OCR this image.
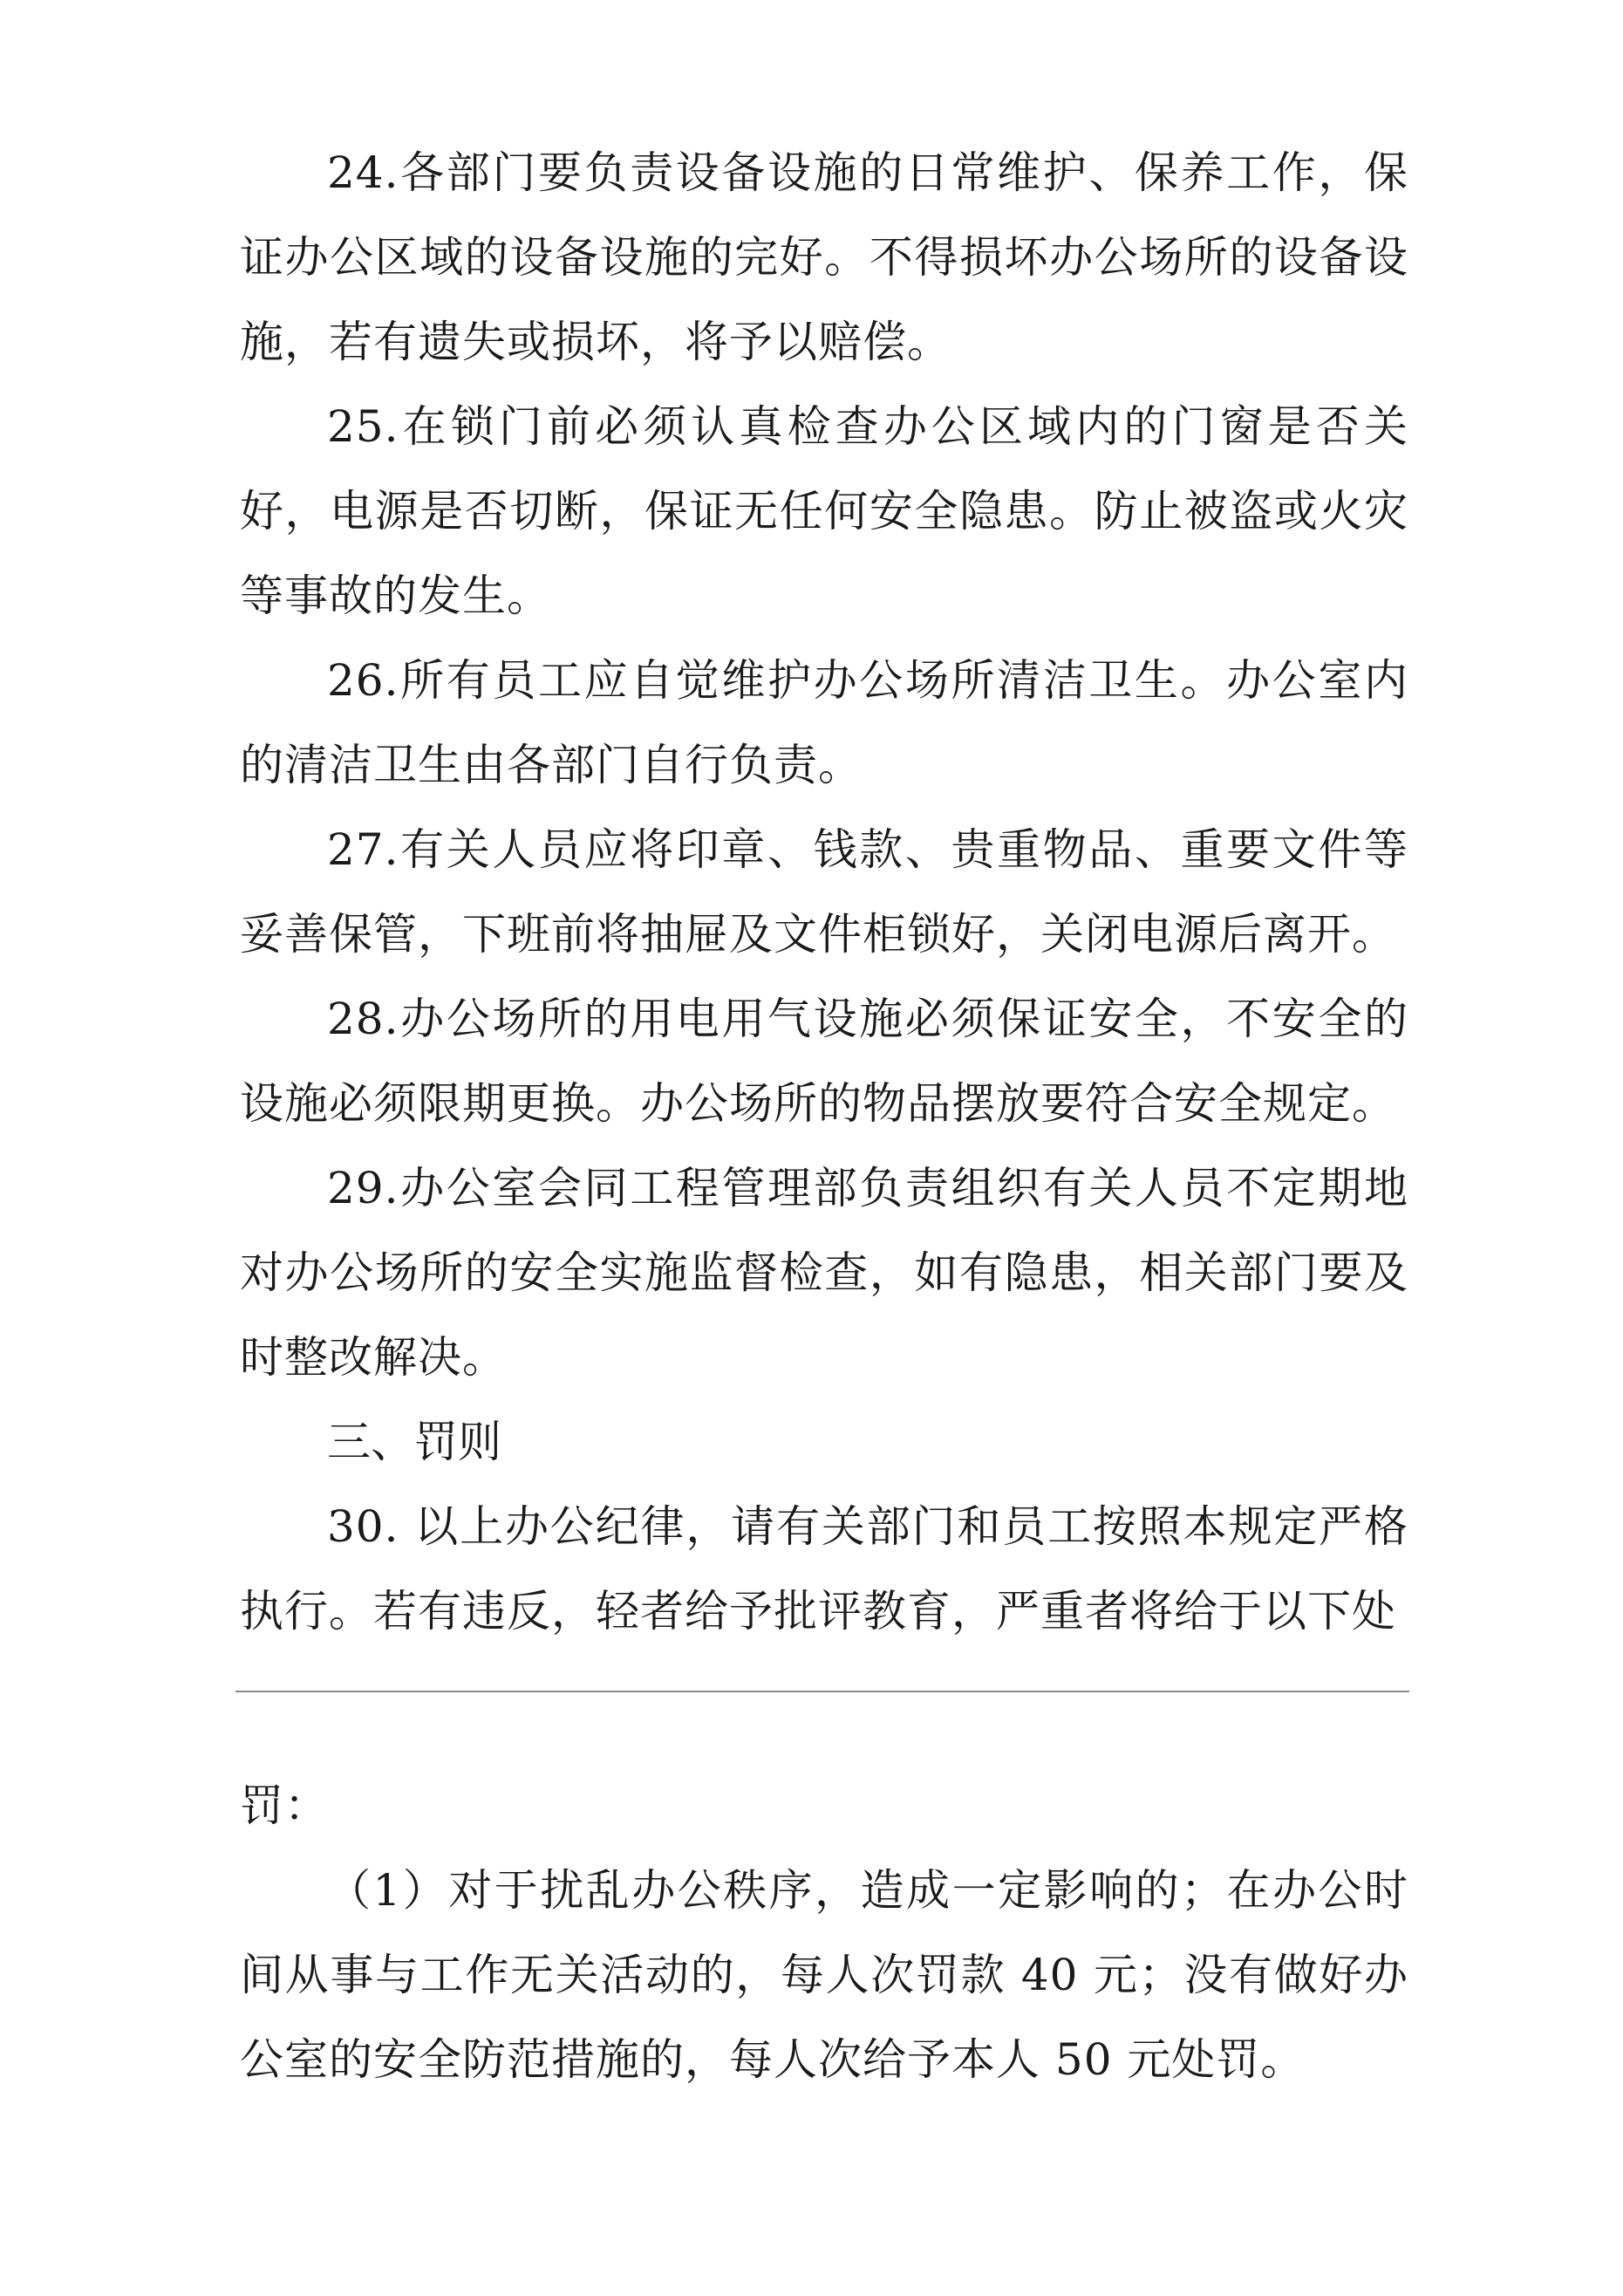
24.各部门要负责设备设施的日常维护、保养工作，保证办公区域的设备设施的完好。不得损坏办公场所的设备设施，若有遗失或损坏，将予以赔偿。

25.在锁门前必须认真检查办公区域内的门窗是否关好，电源是否切断，保证无任何安全隐患。防止被盗或火灾等事故的发生。

26.所有员工应自觉维护办公场所清洁卫生。办公室内的清洁卫生由各部门自行负责。

27.有关人员应将印章、钱款、贵重物品、重要文件等妥善保管，下班前将抽屉及文件柜锁好，关闭电源后离开。

28.办公场所的用电用气设施必须保证安全，不安全的设施必须限期更换。办公场所的物品摆放要符合安全规定。

29.办公室会同工程管理部负责组织有关人员不定期地对办公场所的安全实施监督检查，如有隐患，相关部门要及时整改解决。

三、罚则

30. 以上办公纪律，请有关部门和员工按照本规定严格执行。若有违反，轻者给予批评教育，严重者将给于以下处

罚：

（1）对于扰乱办公秩序，造成一定影响的；在办公时间从事与工作无关活动的，每人次罚款 40 元；没有做好办公室的安全防范措施的，每人次给予本人 50 元处罚。
